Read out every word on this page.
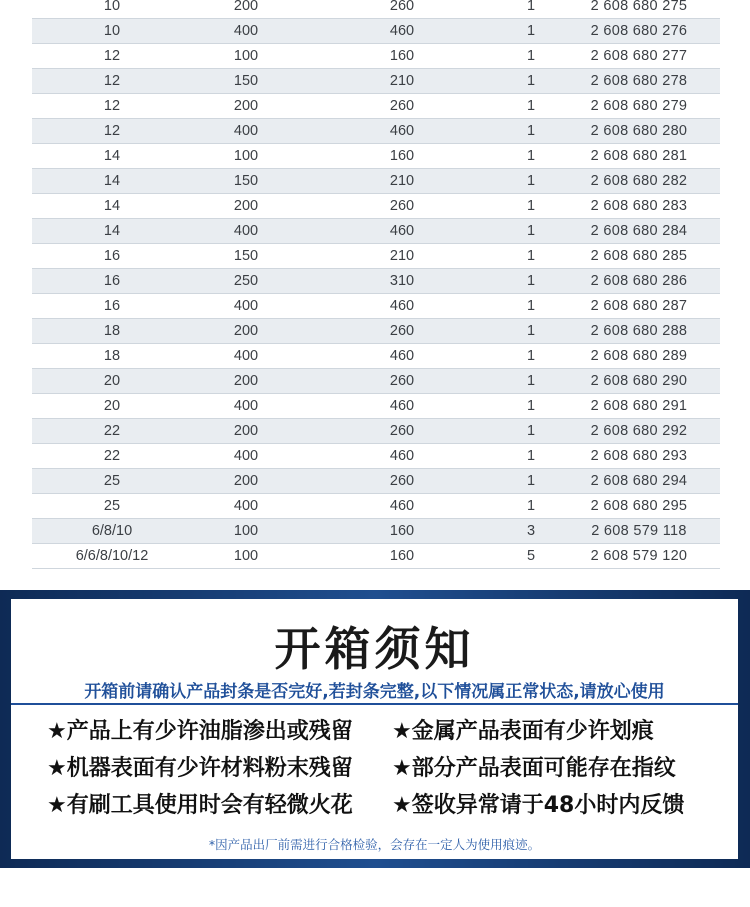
10	200	260	1	2 608 680 275
10	400	460	1	2 608 680 276
12	100	160	1	2 608 680 277
12	150	210	1	2 608 680 278
12	200	260	1	2 608 680 279
12	400	460	1	2 608 680 280
14	100	160	1	2 608 680 281
14	150	210	1	2 608 680 282
14	200	260	1	2 608 680 283
14	400	460	1	2 608 680 284
16	150	210	1	2 608 680 285
16	250	310	1	2 608 680 286
16	400	460	1	2 608 680 287
18	200	260	1	2 608 680 288
18	400	460	1	2 608 680 289
20	200	260	1	2 608 680 290
20	400	460	1	2 608 680 291
22	200	260	1	2 608 680 292
22	400	460	1	2 608 680 293
25	200	260	1	2 608 680 294
25	400	460	1	2 608 680 295
6/8/10	100	160	3	2 608 579 118
6/6/8/10/12	100	160	5	2 608 579 120
开箱须知
开箱前请确认产品封条是否完好,若封条完整,以下情况属正常状态,请放心使用
★产品上有少许油脂渗出或残留	★金属产品表面有少许划痕
★机器表面有少许材料粉末残留	★部分产品表面可能存在指纹
★有刷工具使用时会有轻微火花	★签收异常请于48小时内反馈
*因产品出厂前需进行合格检验，会存在一定人为使用痕迹。
